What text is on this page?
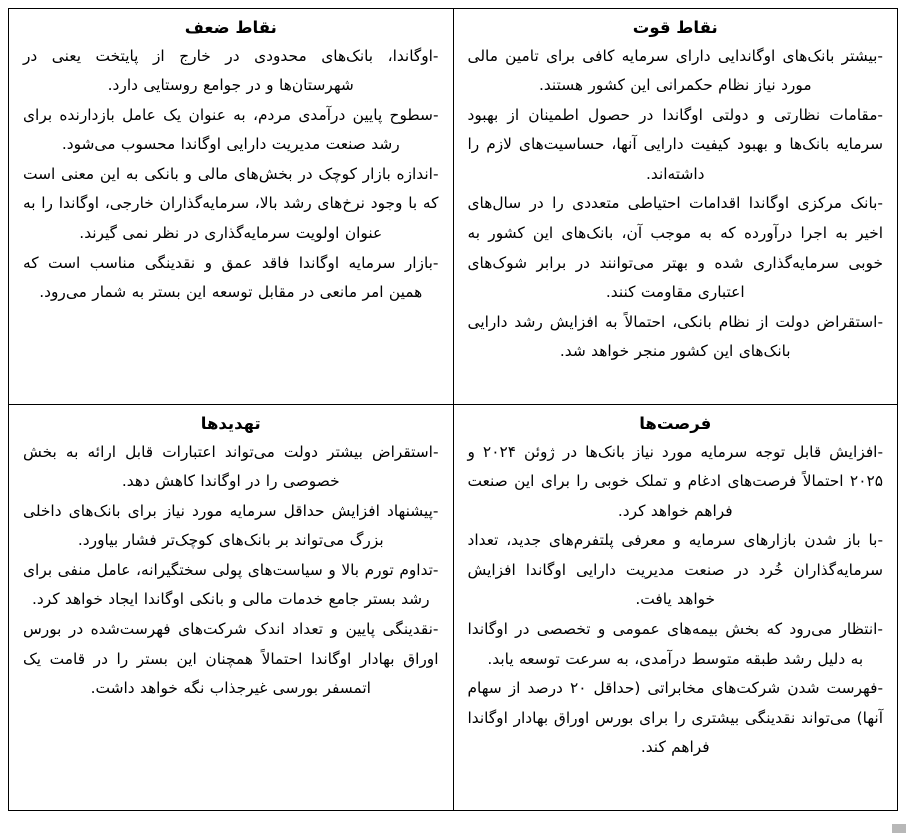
نقاط قوت
-بیشتر بانک‌های اوگاندایی دارای سرمایه کافی برای تامین مالی مورد نیاز نظام حکمرانی این کشور هستند.
-مقامات نظارتی و دولتی اوگاندا در حصول اطمینان از بهبود سرمایه بانک‌ها و بهبود کیفیت دارایی آنها، حساسیت‌های لازم را داشته‌اند.
-بانک مرکزی اوگاندا اقدامات احتیاطی متعددی را در سال‌های اخیر به اجرا درآورده که به موجب آن، بانک‌های این کشور به خوبی سرمایه‌گذاری شده و بهتر می‌توانند در برابر شوک‌های اعتباری مقاومت کنند.
-استقراض دولت از نظام بانکی، احتمالاً به افزایش رشد دارایی بانک‌های این کشور منجر خواهد شد.

نقاط ضعف
-اوگاندا، بانک‌های محدودی در خارج از پایتخت یعنی در شهرستان‌ها و در جوامع روستایی دارد.
-سطوح پایین درآمدی مردم، به عنوان یک عامل بازدارنده برای رشد صنعت مدیریت دارایی اوگاندا محسوب می‌شود.
-اندازه بازار کوچک در بخش‌های مالی و بانکی به این معنی است که با وجود نرخ‌های رشد بالا، سرمایه‌گذاران خارجی، اوگاندا را به عنوان اولویت سرمایه‌گذاری در نظر نمی گیرند.
-بازار سرمایه اوگاندا فاقد عمق و نقدینگی مناسب است که همین امر مانعی در مقابل توسعه این بستر به شمار می‌رود.

فرصت‌ها
-افزایش قابل توجه سرمایه مورد نیاز بانک‌ها در ژوئن ۲۰۲۴ و ۲۰۲۵ احتمالاً فرصت‌های ادغام و تملک خوبی را برای این صنعت فراهم خواهد کرد.
-با باز شدن بازارهای سرمایه و معرفی پلتفرم‌های جدید، تعداد سرمایه‌گذاران خُرد در صنعت مدیریت دارایی اوگاندا افزایش خواهد یافت.
-انتظار می‌رود که بخش بیمه‌های عمومی و تخصصی در اوگاندا به دلیل رشد طبقه متوسط درآمدی، به سرعت توسعه یابد.
-فهرست شدن شرکت‌های مخابراتی (حداقل ۲۰ درصد از سهام آنها) می‌تواند نقدینگی بیشتری را برای بورس اوراق بهادار اوگاندا فراهم کند.

تهدیدها
-استقراض بیشتر دولت می‌تواند اعتبارات قابل ارائه به بخش خصوصی را در اوگاندا کاهش دهد.
-پیشنهاد افزایش حداقل سرمایه مورد نیاز برای بانک‌های داخلی بزرگ می‌تواند بر بانک‌های کوچک‌تر فشار بیاورد.
-تداوم تورم بالا و سیاست‌های پولی سختگیرانه، عامل منفی برای رشد بستر جامع خدمات مالی و بانکی اوگاندا ایجاد خواهد کرد.
-نقدینگی پایین و تعداد اندک شرکت‌های فهرست‌شده در بورس اوراق بهادار اوگاندا احتمالاً همچنان این بستر را در قامت یک اتمسفر بورسی غیرجذاب نگه خواهد داشت.
